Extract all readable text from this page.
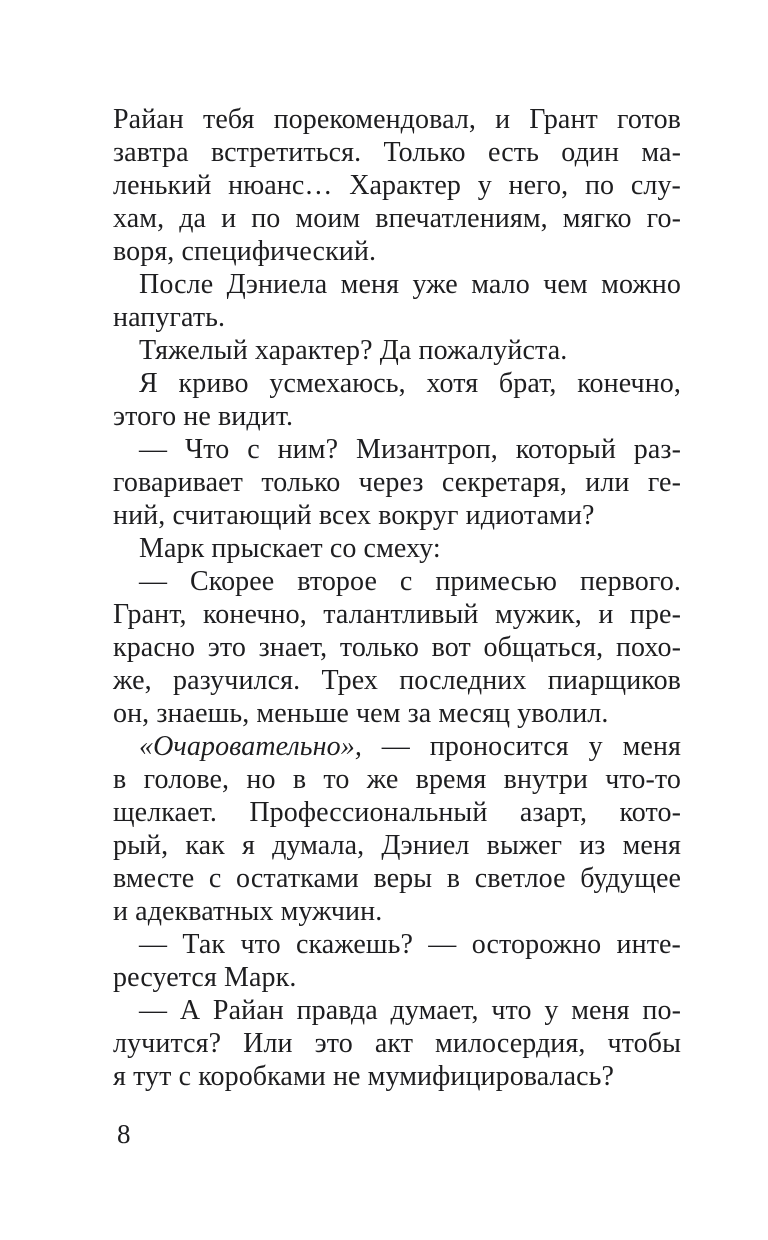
Райан тебя порекомендовал, и Грант готов
завтра встретиться. Только есть один ма-
ленький нюанс… Характер у него, по слу-
хам, да и по моим впечатлениям, мягко го-
воря, специфический.
После Дэниела меня уже мало чем можно
напугать.
Тяжелый характер? Да пожалуйста.
Я криво усмехаюсь, хотя брат, конечно,
этого не видит.
— Что с ним? Мизантроп, который раз-
говаривает только через секретаря, или ге-
ний, считающий всех вокруг идиотами?
Марк прыскает со смеху:
— Скорее второе с примесью первого.
Грант, конечно, талантливый мужик, и пре-
красно это знает, только вот общаться, похо-
же, разучился. Трех последних пиарщиков
он, знаешь, меньше чем за месяц уволил.
«Очаровательно», — проносится у меня
в голове, но в то же время внутри что-то
щелкает. Профессиональный азарт, кото-
рый, как я думала, Дэниел выжег из меня
вместе с остатками веры в светлое будущее
и адекватных мужчин.
— Так что скажешь? — осторожно инте-
ресуется Марк.
— А Райан правда думает, что у меня по-
лучится? Или это акт милосердия, чтобы
я тут с коробками не мумифицировалась?
8
